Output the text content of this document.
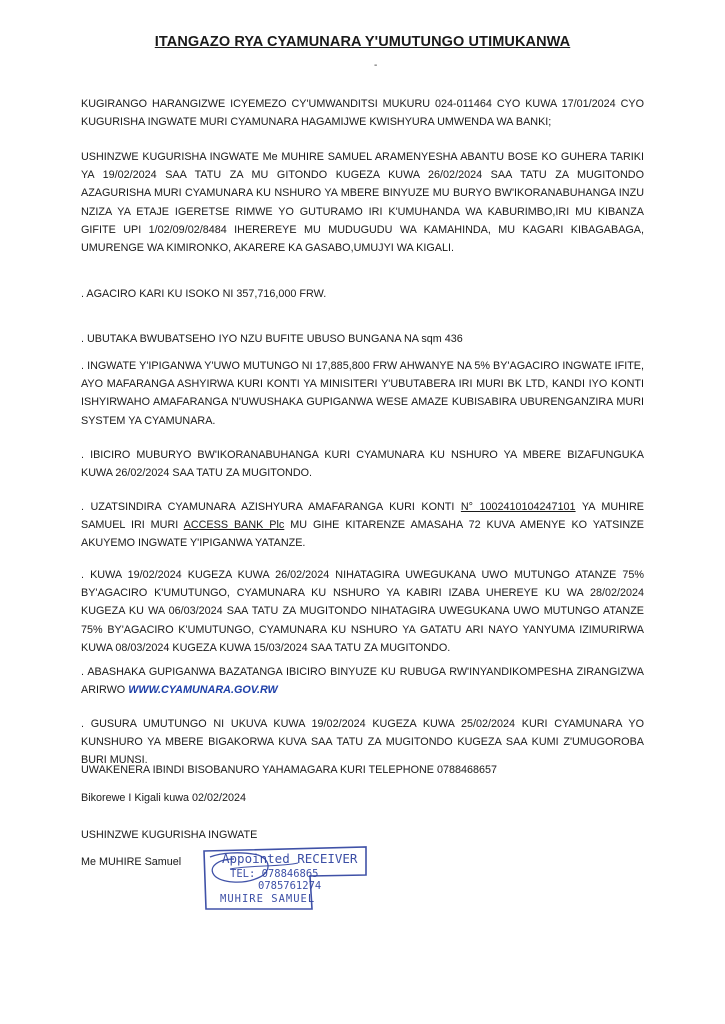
ITANGAZO RYA CYAMUNARA Y'UMUTUNGO UTIMUKANWA
-
KUGIRANGO HARANGIZWE ICYEMEZO CY'UMWANDITSI MUKURU 024-011464 CYO KUWA 17/01/2024 CYO KUGURISHA INGWATE MURI CYAMUNARA HAGAMIJWE KWISHYURA UMWENDA WA BANKI;
USHINZWE KUGURISHA INGWATE Me MUHIRE SAMUEL ARAMENYESHA ABANTU BOSE KO GUHERA TARIKI YA 19/02/2024 SAA TATU ZA MU GITONDO KUGEZA KUWA 26/02/2024 SAA TATU ZA MUGITONDO AZAGURISHA MURI CYAMUNARA KU NSHURO YA MBERE BINYUZE MU BURYO BW'IKORANABUHANGA INZU NZIZA YA ETAJE IGERETSE RIMWE YO GUTURAMO IRI K'UMUHANDA WA KABURIMBO,IRI MU KIBANZA GIFITE UPI 1/02/09/02/8484 IHEREREYE MU MUDUGUDU WA KAMAHINDA, MU KAGARI KIBAGABAGA, UMURENGE WA KIMIRONKO, AKARERE KA GASABO,UMUJYI WA KIGALI.
. AGACIRO KARI KU ISOKO NI 357,716,000 FRW.
. UBUTAKA BWUBATSEHO IYO NZU BUFITE UBUSO BUNGANA NA sqm 436
. INGWATE Y'IPIGANWA Y'UWO MUTUNGO NI 17,885,800 FRW AHWANYE NA 5% BY'AGACIRO INGWATE IFITE, AYO MAFARANGA ASHYIRWA KURI KONTI YA MINISITERI Y'UBUTABERA IRI MURI BK LTD, KANDI IYO KONTI ISHYIRWAHO AMAFARANGA N'UWUSHAKA GUPIGANWA WESE AMAZE KUBISABIRA UBURENGANZIRA MURI SYSTEM YA CYAMUNARA.
. IBICIRO MUBURYO BW'IKORANABUHANGA KURI CYAMUNARA KU NSHURO YA MBERE BIZAFUNGUKA KUWA 26/02/2024 SAA TATU ZA MUGITONDO.
. UZATSINDIRA CYAMUNARA AZISHYURA AMAFARANGA KURI KONTI N° 1002410104247101 YA MUHIRE SAMUEL IRI MURI ACCESS BANK Plc MU GIHE KITARENZE AMASAHA 72 KUVA AMENYE KO YATSINZE AKUYEMO INGWATE Y'IPIGANWA YATANZE.
. KUWA 19/02/2024 KUGEZA KUWA 26/02/2024 NIHATAGIRA UWEGUKANA UWO MUTUNGO ATANZE 75% BY'AGACIRO K'UMUTUNGO, CYAMUNARA KU NSHURO YA KABIRI IZABA UHEREYE KU WA 28/02/2024 KUGEZA KU WA 06/03/2024 SAA TATU ZA MUGITONDO NIHATAGIRA UWEGUKANA UWO MUTUNGO ATANZE 75% BY'AGACIRO K'UMUTUNGO, CYAMUNARA KU NSHURO YA GATATU ARI NAYO YANYUMA IZIMURIRWA KUWA 08/03/2024 KUGEZA KUWA 15/03/2024 SAA TATU ZA MUGITONDO.
. ABASHAKA GUPIGANWA BAZATANGA IBICIRO BINYUZE KU RUBUGA RW'INYANDIKOMPESHA ZIRANGIZWA ARIRWO WWW.CYAMUNARA.GOV.RW
. GUSURA UMUTUNGO NI UKUVA KUWA 19/02/2024 KUGEZA KUWA 25/02/2024 KURI CYAMUNARA YO KUNSHURO YA MBERE BIGAKORWA KUVA SAA TATU ZA MUGITONDO KUGEZA SAA KUMI Z'UMUGOROBA BURI MUNSI.
UWAKENERA IBINDI BISOBANURO YAHAMAGARA KURI TELEPHONE 0788468657
Bikorewe I Kigali kuwa 02/02/2024
USHINZWE KUGURISHA INGWATE
Me MUHIRE Samuel	Appointed RECEIVER
TEL: 078846865
0785761274
MUHIRE SAMUEL
